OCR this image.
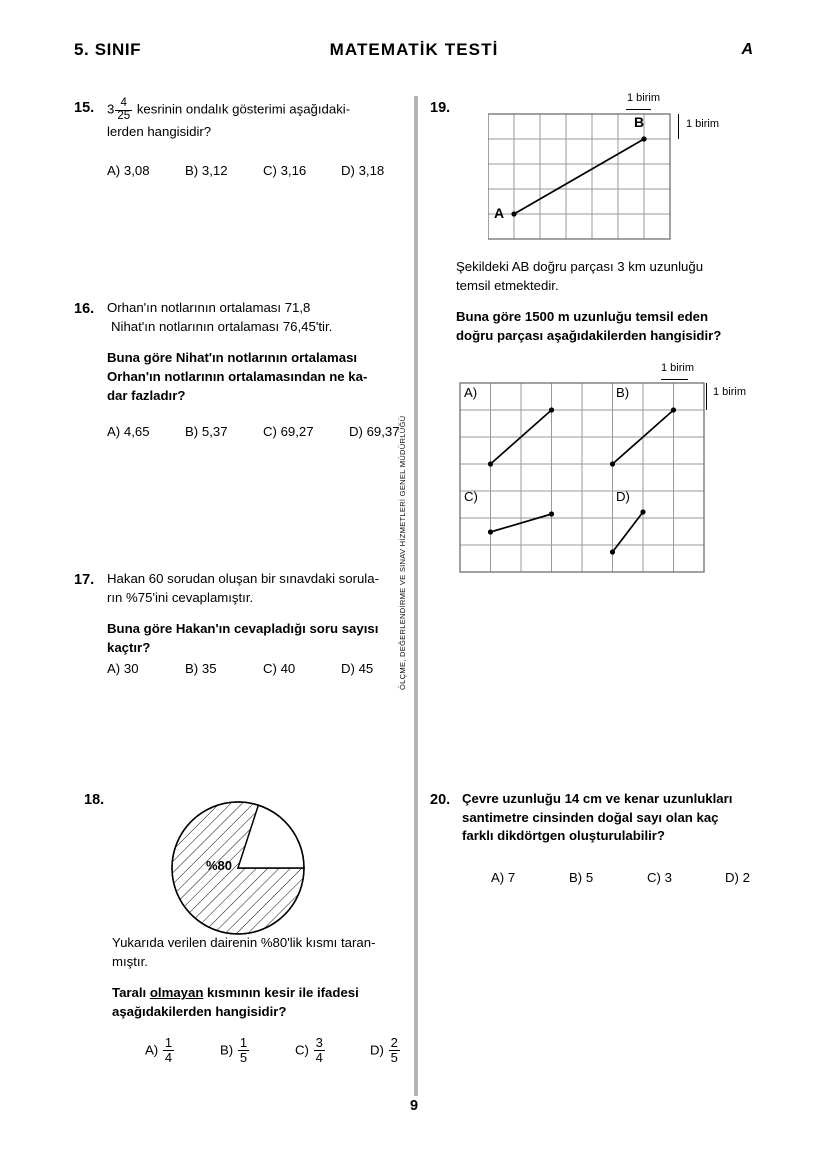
5. SINIF	MATEMATİK TESTİ	A
ÖLÇME, DEĞERLENDİRME VE SINAV HİZMETLERİ GENEL MÜDÜRLÜĞÜ
15. $3 \frac{4}{25}$ kesrinin ondalık gösterimi aşağıdaki-

lerden hangisidir?

A) 3,08	B) 3,12	C) 3,16	D) 3,18
16. Orhan'ın notlarının ortalaması 71,8

Nihat'ın notlarının ortalaması 76,45'tir.

Buna göre Nihat'ın notlarının ortalaması

Orhan'ın notlarının ortalamasından ne ka-

dar fazladır?

A) 4,65	B) 5,37	C) 69,27	D) 69,37
17. Hakan 60 sorudan oluşan bir sınavdaki sorula-

rın %75'ini cevaplamıştır.

Buna göre Hakan'ın cevapladığı soru sayısı

kaçtır?

A) 30	B) 35	C) 40	D) 45
18.
%80

Yukarıda verilen dairenin %80'lik kısmı taran-

mıştır.

Taralı olmayan kısmının kesir ile ifadesi

aşağıdakilerden hangisidir?

$A) \frac{1}{4}$	$B) \frac{1}{5}$	$C) \frac{3}{4}$	$D) \frac{2}{5}$
19.
1 birim
1 birim
A
B

Şekildeki AB doğru parçası 3 km uzunluğu

temsil etmektedir.

Buna göre 1500 m uzunluğu temsil eden

doğru parçası aşağıdakilerden hangisidir?

1 birim
1 birim
A)	B)
C)	D)
20. Çevre uzunluğu 14 cm ve kenar uzunlukları

santimetre cinsinden doğal sayı olan kaç

farklı dikdörtgen oluşturulabilir?

A) 7	B) 5	C) 3	D) 2
9
